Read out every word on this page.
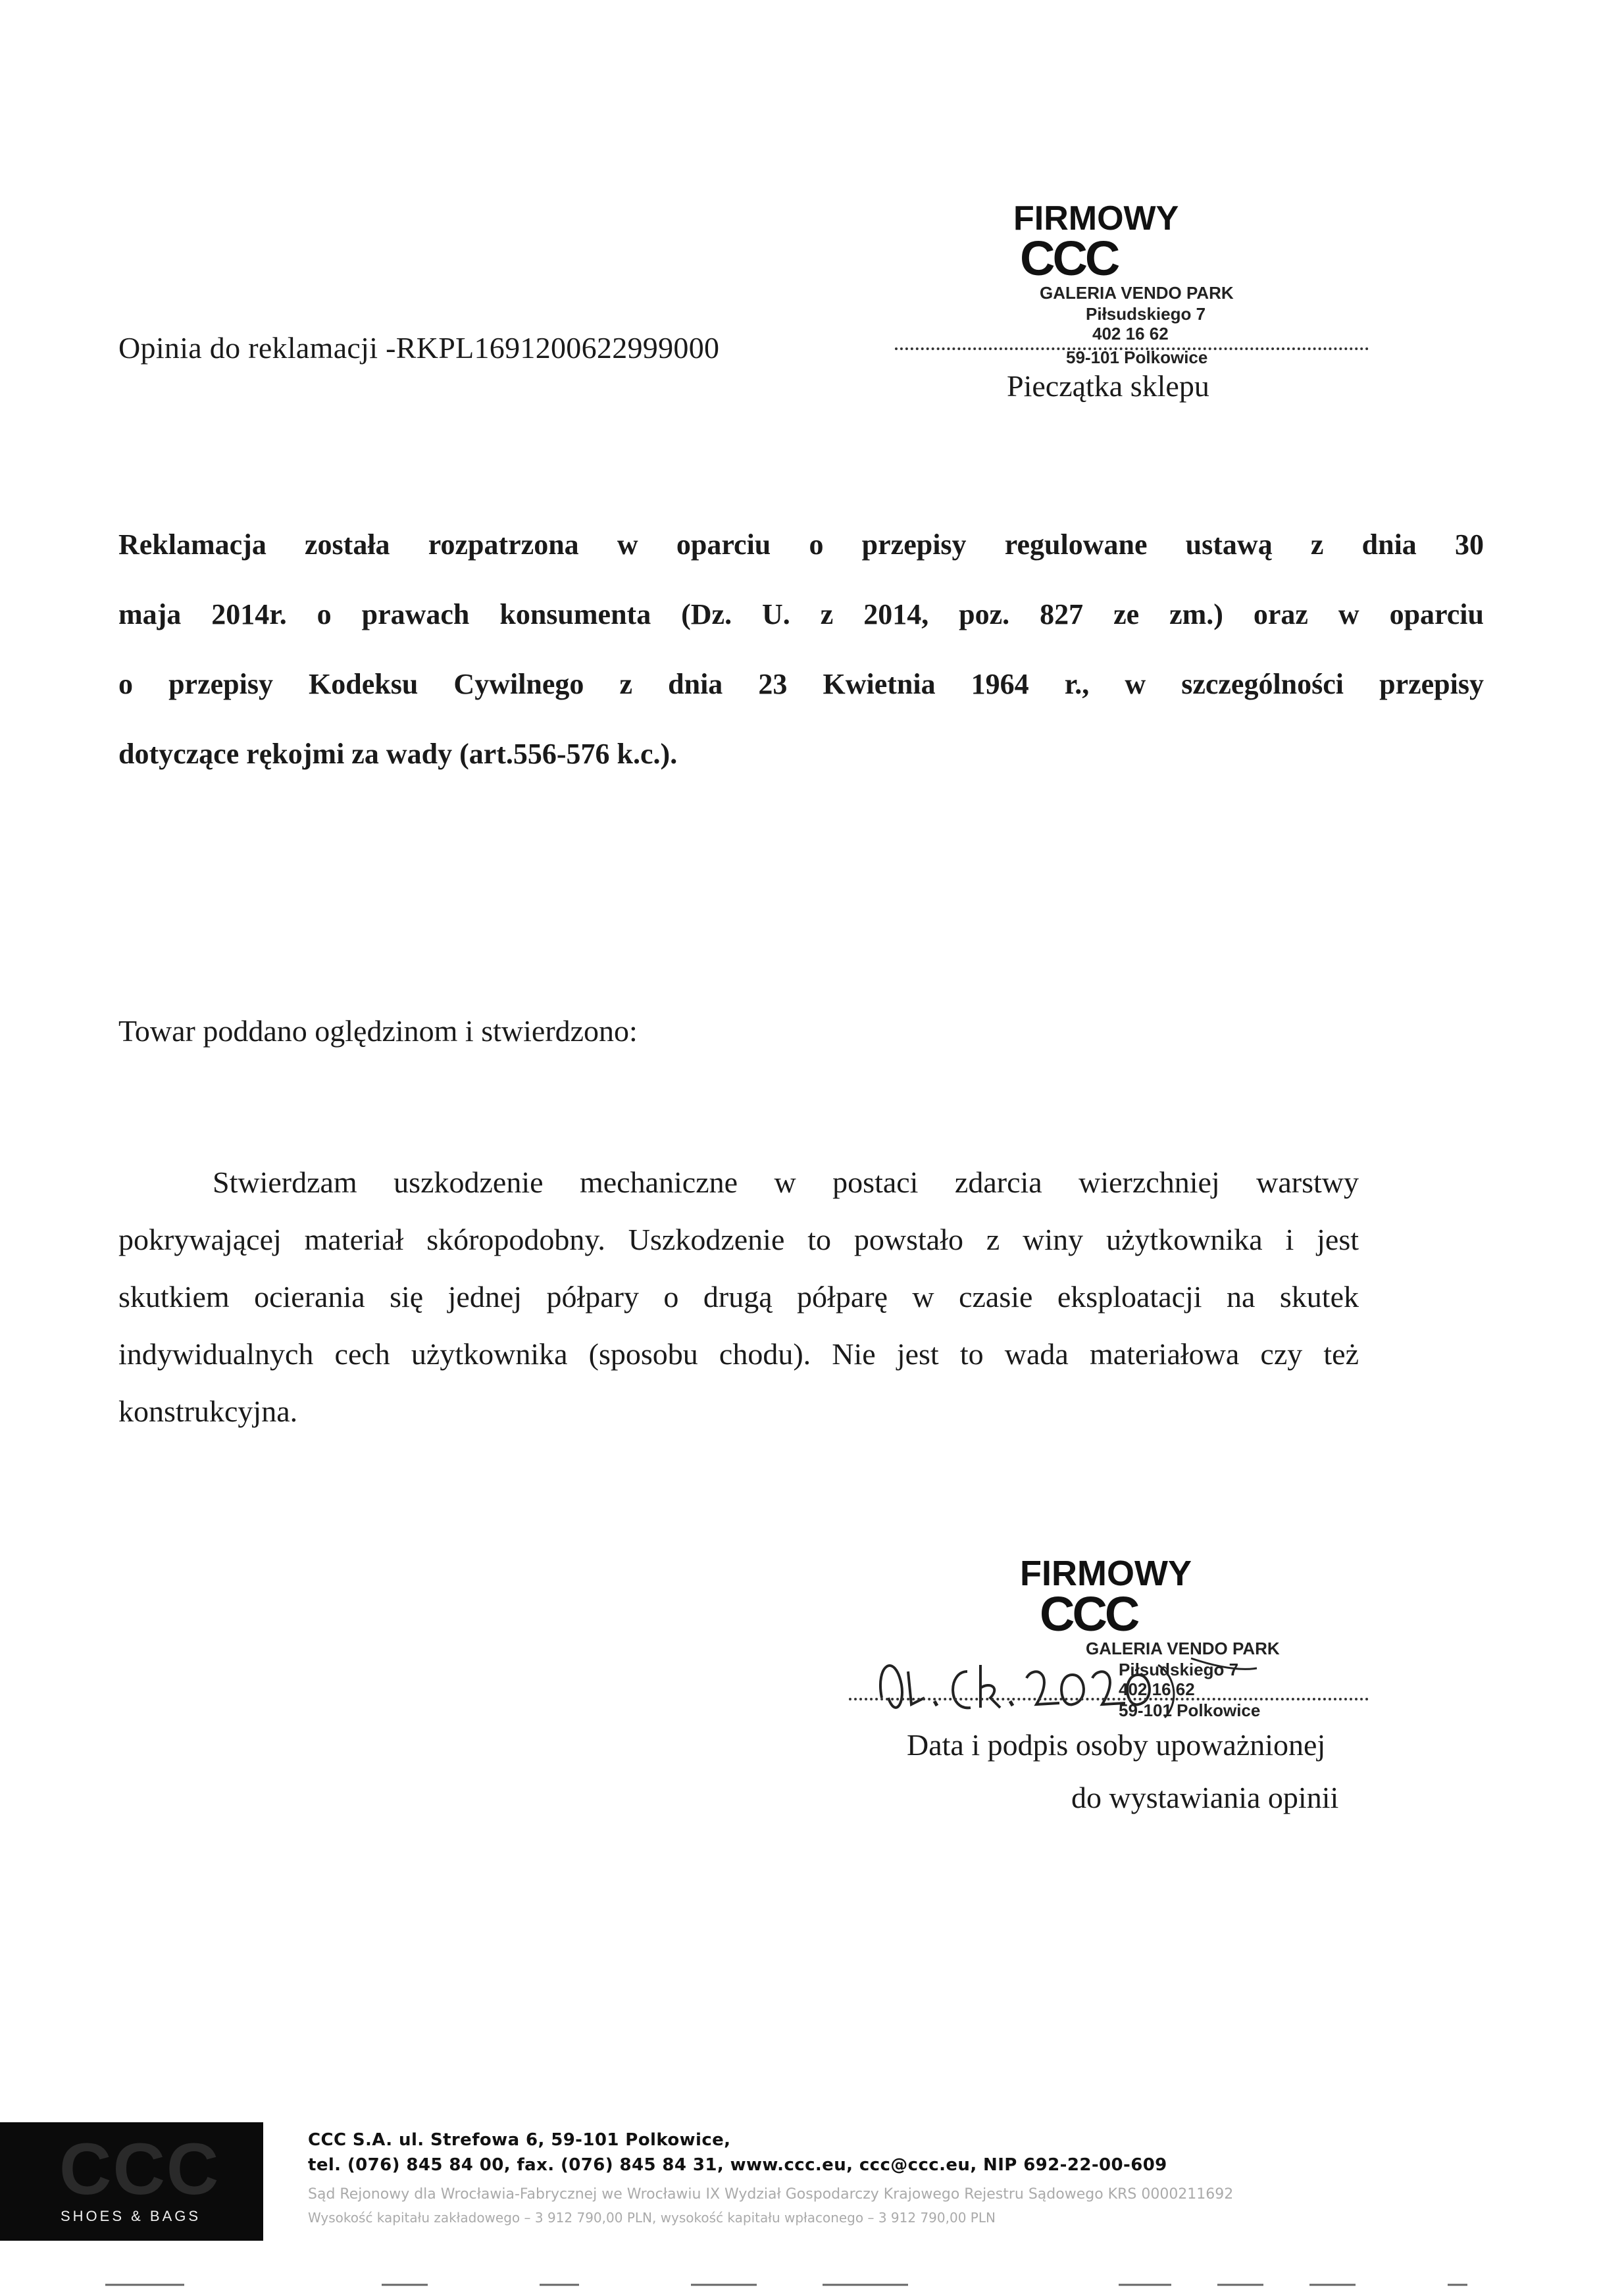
Opinia do reklamacji -RKPL1691200622999000
FIRMOWY
CCC
GALERIA VENDO PARK
Piłsudskiego 7
402 16 62
59-101 Polkowice
Pieczątka sklepu
Reklamacja została rozpatrzona w oparciu o przepisy regulowane ustawą z dnia 30
maja 2014r. o prawach konsumenta (Dz. U. z 2014, poz. 827 ze zm.) oraz w oparciu
o przepisy Kodeksu Cywilnego z dnia 23 Kwietnia 1964 r., w szczególności przepisy
dotyczące rękojmi za wady (art.556-576 k.c.).
Towar poddano oględzinom i stwierdzono:
Stwierdzam uszkodzenie mechaniczne w postaci zdarcia wierzchniej warstwy
pokrywającej materiał skóropodobny. Uszkodzenie to powstało z winy użytkownika i jest
skutkiem ocierania się jednej półpary o drugą półparę w czasie eksploatacji na skutek
indywidualnych cech użytkownika (sposobu chodu). Nie jest to wada materiałowa czy też
konstrukcyjna.
FIRMOWY
CCC
GALERIA VENDO PARK
Piłsudskiego 7
402 16 62
59-101 Polkowice
Data i podpis osoby upoważnionej
do wystawiania opinii
CCC
SHOES & BAGS
CCC S.A. ul. Strefowa 6, 59-101 Polkowice,
tel. (076) 845 84 00, fax. (076) 845 84 31, www.ccc.eu, ccc@ccc.eu, NIP 692-22-00-609
Sąd Rejonowy dla Wrocławia-Fabrycznej we Wrocławiu IX Wydział Gospodarczy Krajowego Rejestru Sądowego KRS 0000211692
Wysokość kapitału zakładowego – 3 912 790,00 PLN, wysokość kapitału wpłaconego – 3 912 790,00 PLN
